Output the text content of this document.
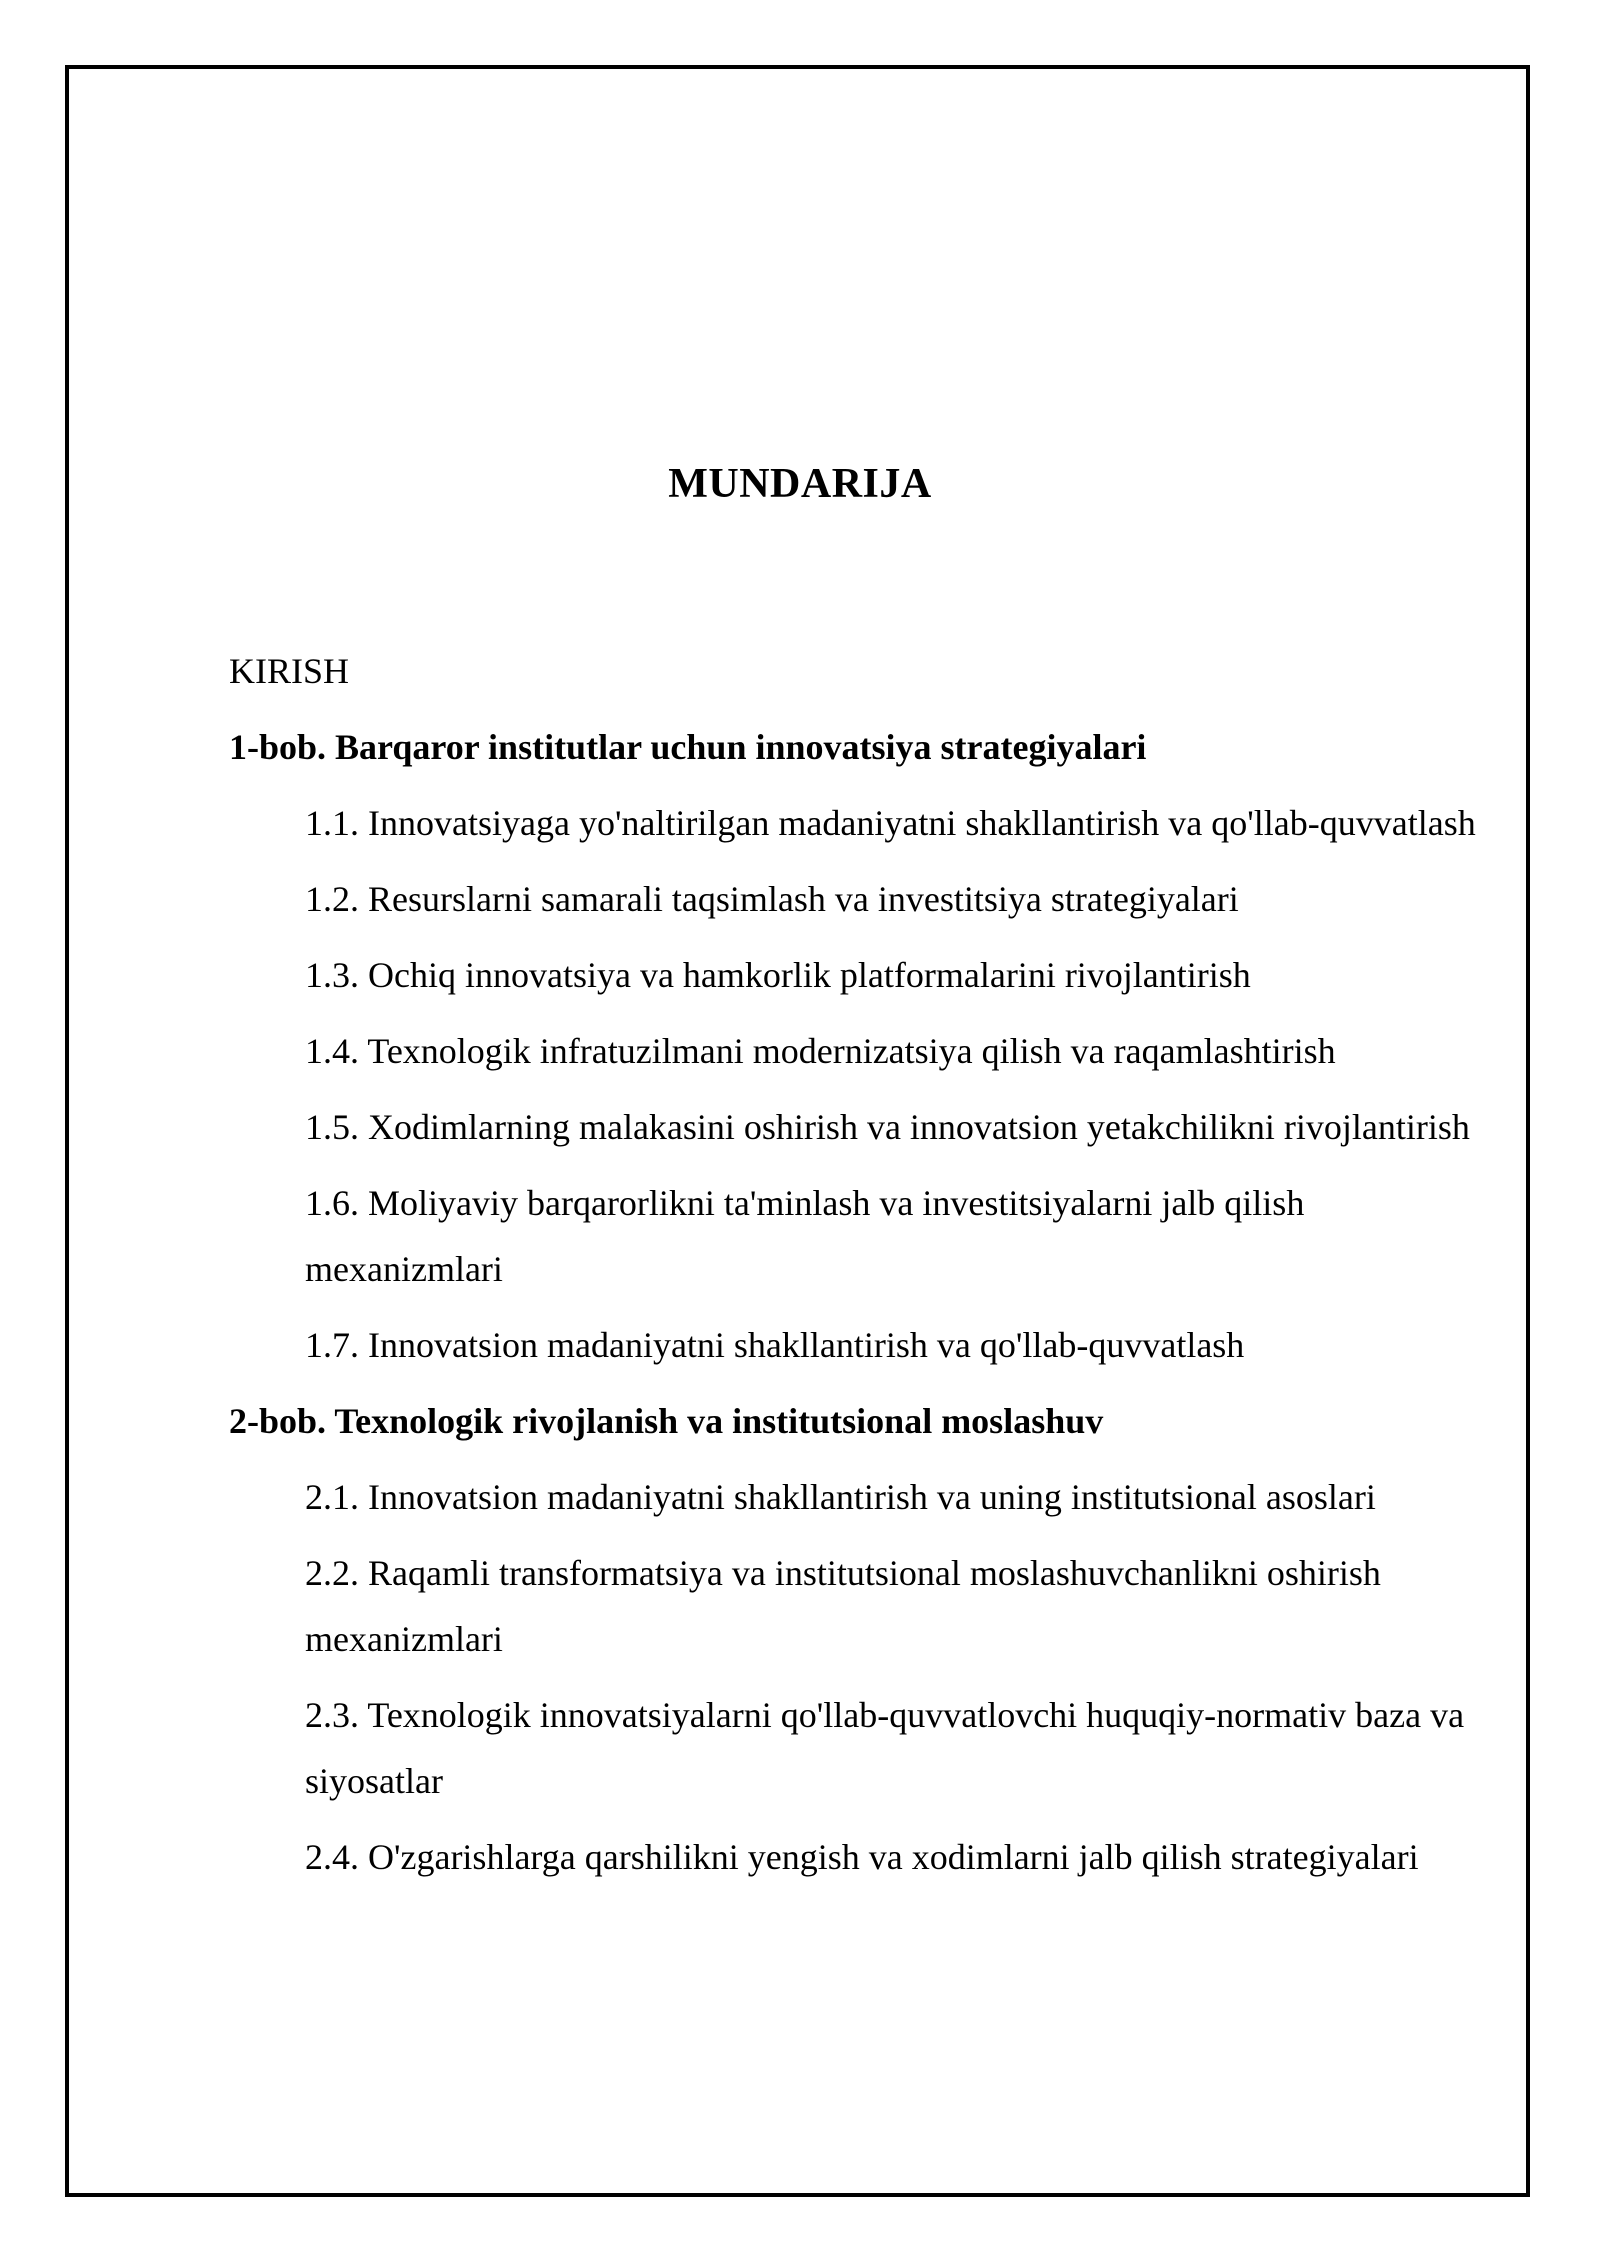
MUNDARIJA

KIRISH

1-bob. Barqaror institutlar uchun innovatsiya strategiyalari

1.1. Innovatsiyaga yo'naltirilgan madaniyatni shakllantirish va qo'llab-quvvatlash

1.2. Resurslarni samarali taqsimlash va investitsiya strategiyalari

1.3. Ochiq innovatsiya va hamkorlik platformalarini rivojlantirish

1.4. Texnologik infratuzilmani modernizatsiya qilish va raqamlashtirish

1.5. Xodimlarning malakasini oshirish va innovatsion yetakchilikni rivojlantirish

1.6. Moliyaviy barqarorlikni ta'minlash va investitsiyalarni jalb qilish mexanizmlari

1.7. Innovatsion madaniyatni shakllantirish va qo'llab-quvvatlash

2-bob. Texnologik rivojlanish va institutsional moslashuv

2.1. Innovatsion madaniyatni shakllantirish va uning institutsional asoslari

2.2. Raqamli transformatsiya va institutsional moslashuvchanlikni oshirish mexanizmlari

2.3. Texnologik innovatsiyalarni qo'llab-quvvatlovchi huquqiy-normativ baza va siyosatlar

2.4. O'zgarishlarga qarshilikni yengish va xodimlarni jalb qilish strategiyalari
